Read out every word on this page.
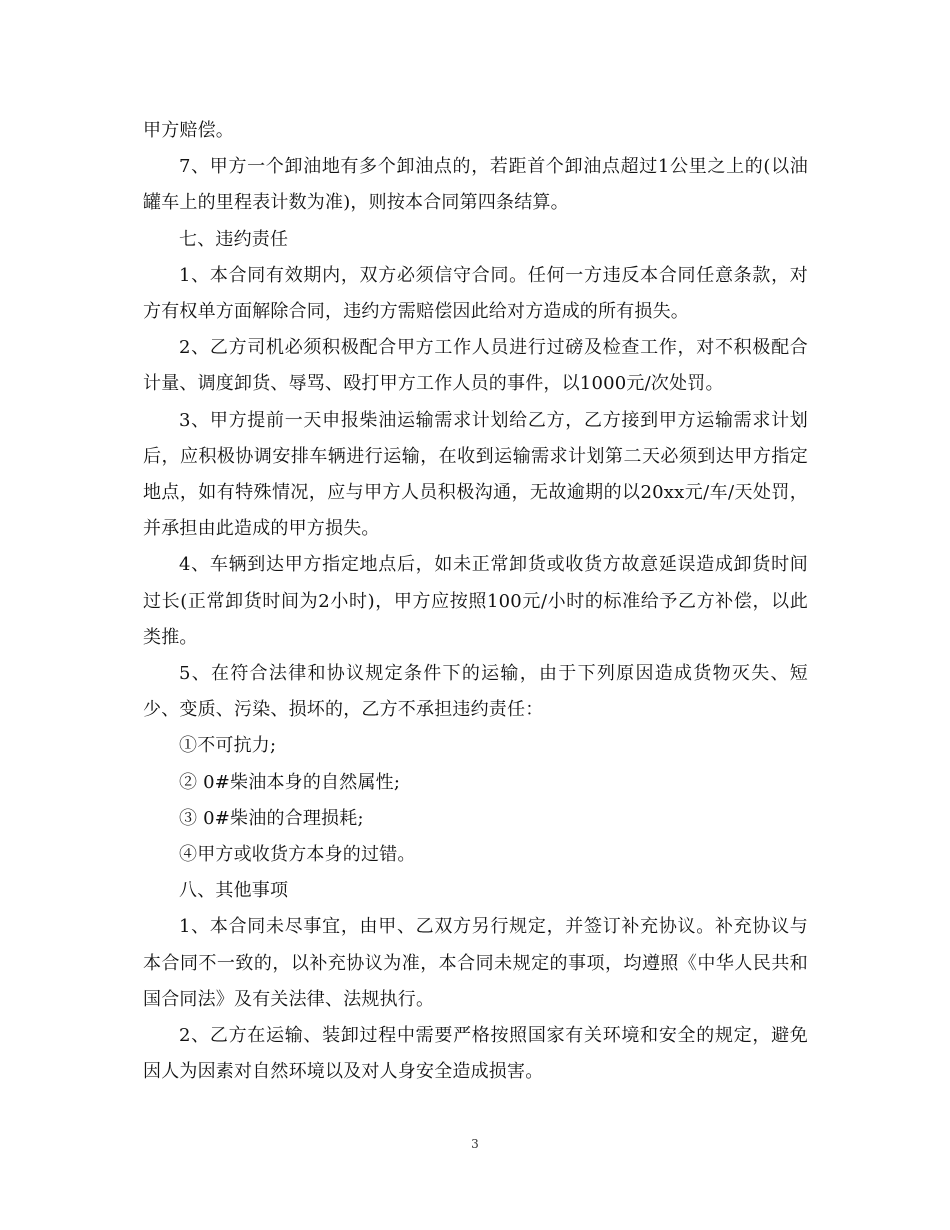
甲方赔偿。

7、甲方一个卸油地有多个卸油点的，若距首个卸油点超过1公里之上的(以油罐车上的里程表计数为准)，则按本合同第四条结算。

七、违约责任

1、本合同有效期内，双方必须信守合同。任何一方违反本合同任意条款，对方有权单方面解除合同，违约方需赔偿因此给对方造成的所有损失。

2、乙方司机必须积极配合甲方工作人员进行过磅及检查工作，对不积极配合计量、调度卸货、辱骂、殴打甲方工作人员的事件，以1000元/次处罚。

3、甲方提前一天申报柴油运输需求计划给乙方，乙方接到甲方运输需求计划后，应积极协调安排车辆进行运输，在收到运输需求计划第二天必须到达甲方指定地点，如有特殊情况，应与甲方人员积极沟通，无故逾期的以20xx元/车/天处罚，并承担由此造成的甲方损失。

4、车辆到达甲方指定地点后，如未正常卸货或收货方故意延误造成卸货时间过长(正常卸货时间为2小时)，甲方应按照100元/小时的标准给予乙方补偿，以此类推。

5、在符合法律和协议规定条件下的运输，由于下列原因造成货物灭失、短少、变质、污染、损坏的，乙方不承担违约责任：

①不可抗力;

② 0#柴油本身的自然属性;

③ 0#柴油的合理损耗;

④甲方或收货方本身的过错。

八、其他事项

1、本合同未尽事宜，由甲、乙双方另行规定，并签订补充协议。补充协议与本合同不一致的，以补充协议为准，本合同未规定的事项，均遵照《中华人民共和国合同法》及有关法律、法规执行。

2、乙方在运输、装卸过程中需要严格按照国家有关环境和安全的规定，避免因人为因素对自然环境以及对人身安全造成损害。

3
